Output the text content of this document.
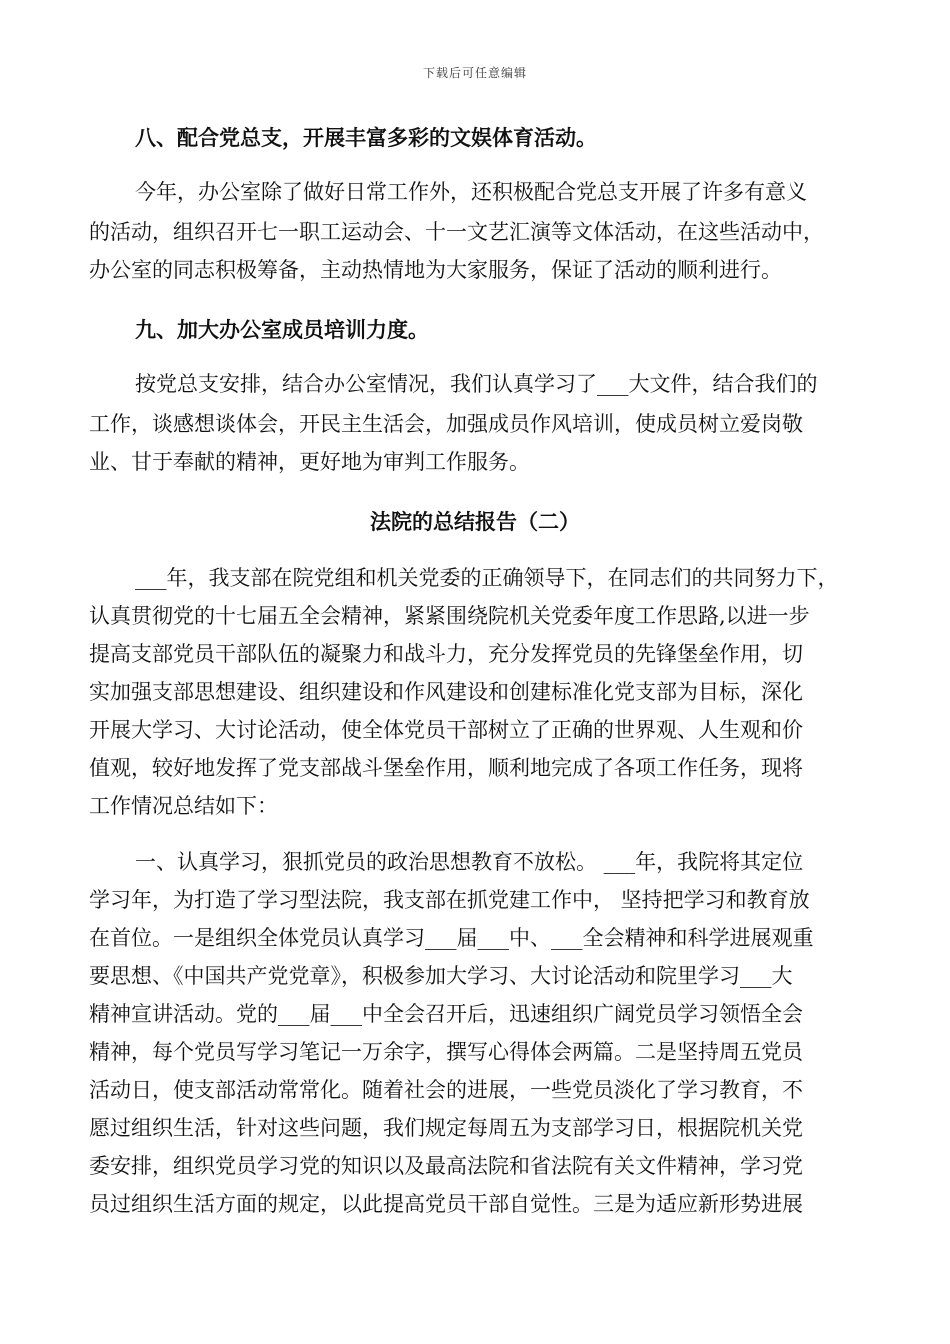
下载后可任意编辑
八、配合党总支，开展丰富多彩的文娱体育活动。
今年，办公室除了做好日常工作外，还积极配合党总支开展了许多有意义
的活动，组织召开七一职工运动会、十一文艺汇演等文体活动，在这些活动中，
办公室的同志积极筹备，主动热情地为大家服务，保证了活动的顺利进行。
九、加大办公室成员培训力度。
按党总支安排，结合办公室情况，我们认真学习了___大文件，结合我们的
工作，谈感想谈体会，开民主生活会，加强成员作风培训，使成员树立爱岗敬
业、甘于奉献的精神，更好地为审判工作服务。
法院的总结报告（二）
___年，我支部在院党组和机关党委的正确领导下，在同志们的共同努力下，
认真贯彻党的十七届五全会精神，紧紧围绕院机关党委年度工作思路,以进一步
提高支部党员干部队伍的凝聚力和战斗力，充分发挥党员的先锋堡垒作用，切
实加强支部思想建设、组织建设和作风建设和创建标准化党支部为目标，深化
开展大学习、大讨论活动，使全体党员干部树立了正确的世界观、人生观和价
值观，较好地发挥了党支部战斗堡垒作用，顺利地完成了各项工作任务，现将
工作情况总结如下：
一、认真学习，狠抓党员的政治思想教育不放松。 ___年，我院将其定位
学习年，为打造了学习型法院，我支部在抓党建工作中， 坚持把学习和教育放
在首位。一是组织全体党员认真学习___届___中、___全会精神和科学进展观重
要思想、《中国共产党党章》，积极参加大学习、大讨论活动和院里学习___大
精神宣讲活动。党的___届___中全会召开后，迅速组织广阔党员学习领悟全会
精神，每个党员写学习笔记一万余字，撰写心得体会两篇。二是坚持周五党员
活动日，使支部活动常常化。随着社会的进展，一些党员淡化了学习教育，不
愿过组织生活，针对这些问题，我们规定每周五为支部学习日，根据院机关党
委安排，组织党员学习党的知识以及最高法院和省法院有关文件精神，学习党
员过组织生活方面的规定，以此提高党员干部自觉性。三是为适应新形势进展
